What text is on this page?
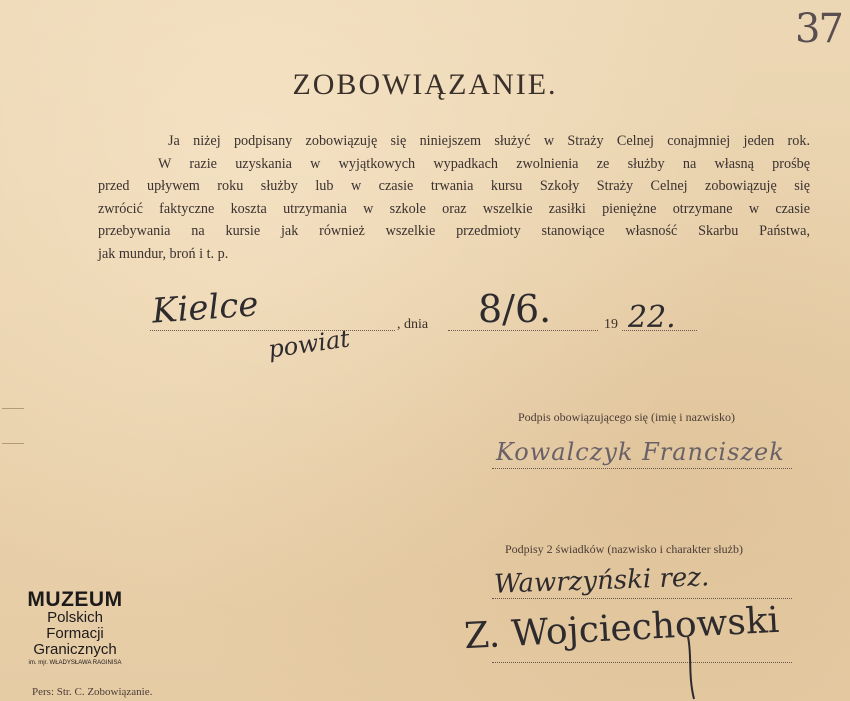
37
ZOBOWIĄZANIE.
Ja niżej podpisany zobowiązuję się niniejszem służyć w Straży Celnej conajmniej jeden rok.
W razie uzyskania w wyjątkowych wypadkach zwolnienia ze służby na własną prośbę
przed upływem roku służby lub w czasie trwania kursu Szkoły Straży Celnej zobowiązuję się
zwrócić faktyczne koszta utrzymania w szkole oraz wszelkie zasiłki pieniężne otrzymane w czasie
przebywania na kursie jak również wszelkie przedmioty stanowiące własność Skarbu Państwa,
jak mundur, broń i t. p.
Kielce
powiat	, dnia 8/6.	19 22.
Podpis obowiązującego się (imię i nazwisko)
Kowalczyk Franciszek
Podpisy 2 świadków (nazwisko i charakter służb)
Wawrzyński rez.
Z. Wojciechowski
MUZEUM
Polskich
Formacji
Granicznych
im. mjr. WŁADYSŁAWA RAGINISA
Pers: Str. C. Zobowiązanie.
